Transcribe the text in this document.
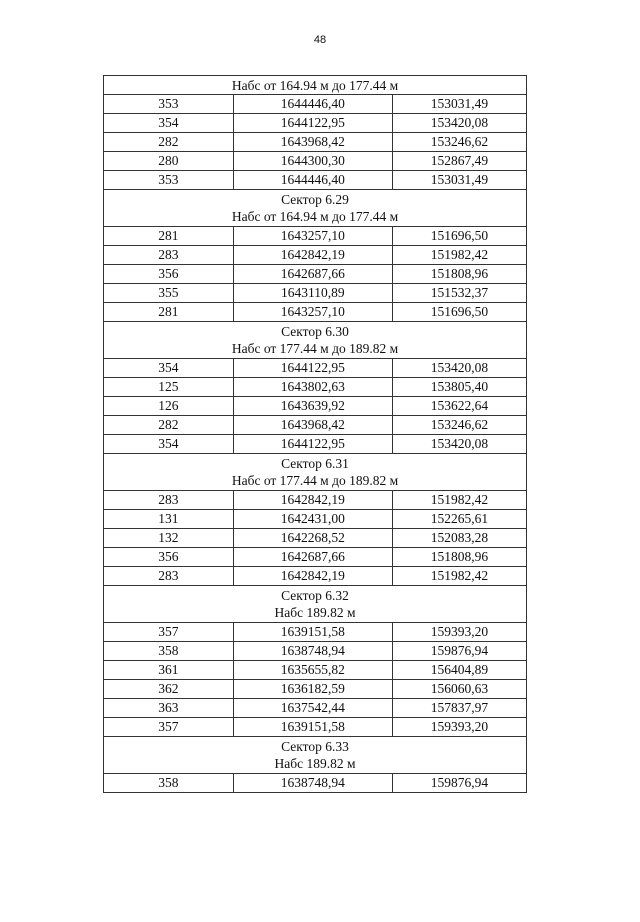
48
Набс от 164.94 м до 177.44 м		

353	1644446,40	153031,49
354	1644122,95	153420,08
282	1643968,42	153246,62
280	1644300,30	152867,49
353	1644446,40	153031,49

Сектор 6.29
Набс от 164.94 м до 177.44 м		

281	1643257,10	151696,50
283	1642842,19	151982,42
356	1642687,66	151808,96
355	1643110,89	151532,37
281	1643257,10	151696,50

Сектор 6.30
Набс от 177.44 м до 189.82 м		

354	1644122,95	153420,08
125	1643802,63	153805,40
126	1643639,92	153622,64
282	1643968,42	153246,62
354	1644122,95	153420,08

Сектор 6.31
Набс от 177.44 м до 189.82 м		

283	1642842,19	151982,42
131	1642431,00	152265,61
132	1642268,52	152083,28
356	1642687,66	151808,96
283	1642842,19	151982,42

Сектор 6.32
Набс 189.82 м		

357	1639151,58	159393,20
358	1638748,94	159876,94
361	1635655,82	156404,89
362	1636182,59	156060,63
363	1637542,44	157837,97
357	1639151,58	159393,20

Сектор 6.33
Набс 189.82 м		

358	1638748,94	159876,94
